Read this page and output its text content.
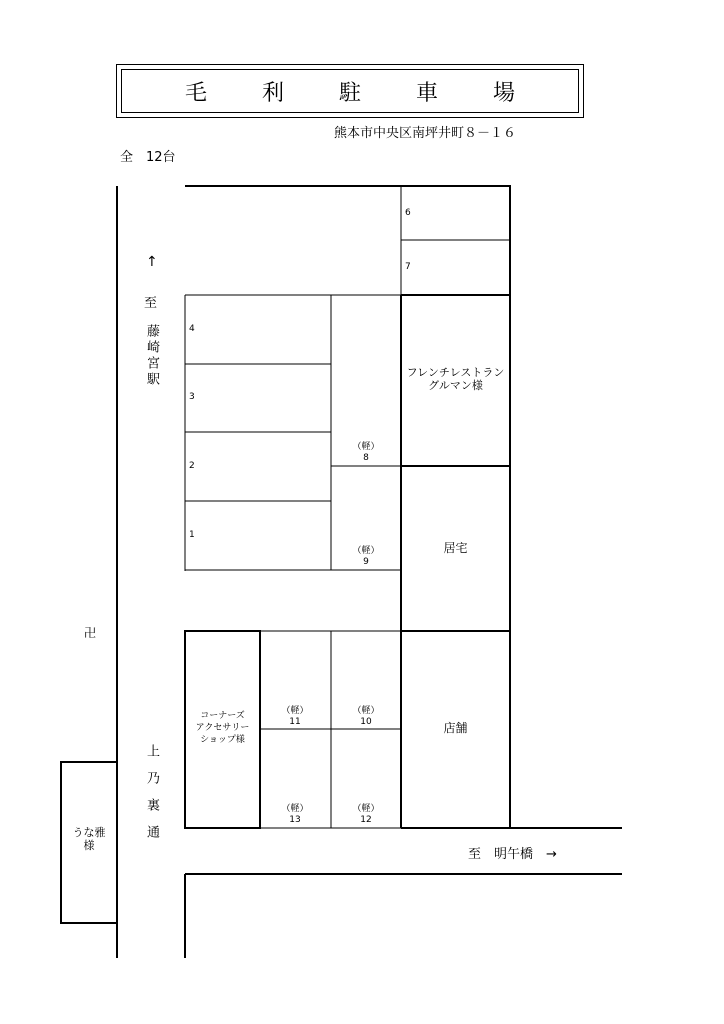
毛 利 駐 車 場
熊本市中央区南坪井町８－１６
全　12台
↑
至
藤崎宮駅
上乃裏通
卍
フレンチレストラン
グルマン様
居宅
店舗
コーナーズ
アクセサリー
ショップ様
うな雅
様
至　明午橋　→
4
3
2
1
6
7
（軽）
8
（軽）
9
（軽）
11
（軽）
10
（軽）
13
（軽）
12
